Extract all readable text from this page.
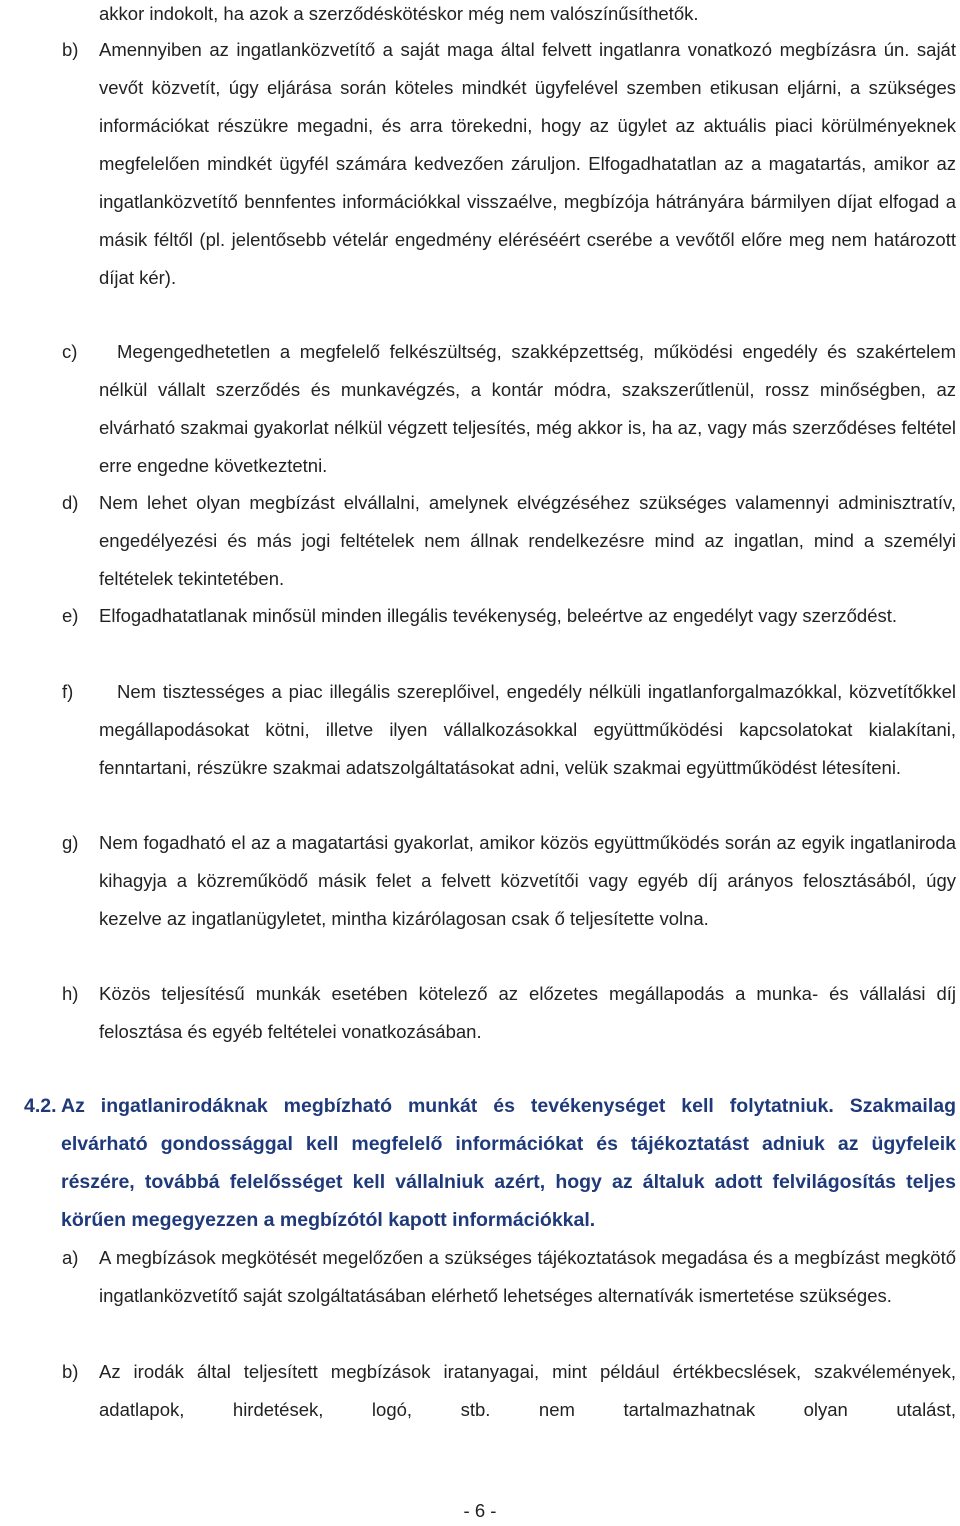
akkor indokolt, ha azok a szerződéskötéskor még nem valószínűsíthetők.

b)	Amennyiben az ingatlanközvetítő a saját maga által felvett ingatlanra vonatkozó megbízásra ún. saját vevőt közvetít, úgy eljárása során köteles mindkét ügyfelével szemben etikusan eljárni, a szükséges információkat részükre megadni, és arra törekedni, hogy az ügylet az aktuális piaci körülményeknek megfelelően mindkét ügyfél számára kedvezően záruljon. Elfogadhatatlan az a magatartás, amikor az ingatlanközvetítő bennfentes információkkal visszaélve, megbízója hátrányára bármilyen díjat elfogad a másik féltől (pl. jelentősebb vételár engedmény eléréséért cserébe a vevőtől előre meg nem határozott díjat kér).
c)	Megengedhetetlen a megfelelő felkészültség, szakképzettség, működési engedély és szakértelem nélkül vállalt szerződés és munkavégzés, a kontár módra, szakszerűtlenül, rossz minőségben, az elvárható szakmai gyakorlat nélkül végzett teljesítés, még akkor is, ha az, vagy más szerződéses feltétel erre engedne következtetni.
d)	Nem lehet olyan megbízást elvállalni, amelynek elvégzéséhez szükséges valamennyi adminisztratív, engedélyezési és más jogi feltételek nem állnak rendelkezésre mind az ingatlan, mind a személyi feltételek tekintetében.
e)	Elfogadhatatlanak minősül minden illegális tevékenység, beleértve az engedélyt vagy szerződést.
f)	Nem tisztességes a piac illegális szereplőivel, engedély nélküli ingatlanforgalmazókkal, közvetítőkkel megállapodásokat kötni, illetve ilyen vállalkozásokkal együttműködési kapcsolatokat kialakítani, fenntartani, részükre szakmai adatszolgáltatásokat adni, velük szakmai együttműködést létesíteni.
g)	Nem fogadható el az a magatartási gyakorlat, amikor közös együttműködés során az egyik ingatlaniroda kihagyja a közreműködő másik felet a felvett közvetítői vagy egyéb díj arányos felosztásából, úgy kezelve az ingatlanügyletet, mintha kizárólagosan csak ő teljesítette volna.
h)	Közös teljesítésű munkák esetében kötelező az előzetes megállapodás a munka- és vállalási díj felosztása és egyéb feltételei vonatkozásában.
4.2. Az ingatlanirodáknak megbízható munkát és tevékenységet kell folytatniuk. Szakmailag elvárható gondossággal kell megfelelő információkat és tájékoztatást adniuk az ügyfeleik részére, továbbá felelősséget kell vállalniuk azért, hogy az általuk adott felvilágosítás teljes körűen megegyezzen a megbízótól kapott információkkal.
a)	A megbízások megkötését megelőzően a szükséges tájékoztatások megadása és a megbízást megkötő ingatlanközvetítő saját szolgáltatásában elérhető lehetséges alternatívák ismertetése szükséges.
b)	Az irodák által teljesített megbízások iratanyagai, mint például értékbecslések, szakvélemények, adatlapok, hirdetések, logó, stb. nem tartalmazhatnak olyan utalást,
- 6 -
